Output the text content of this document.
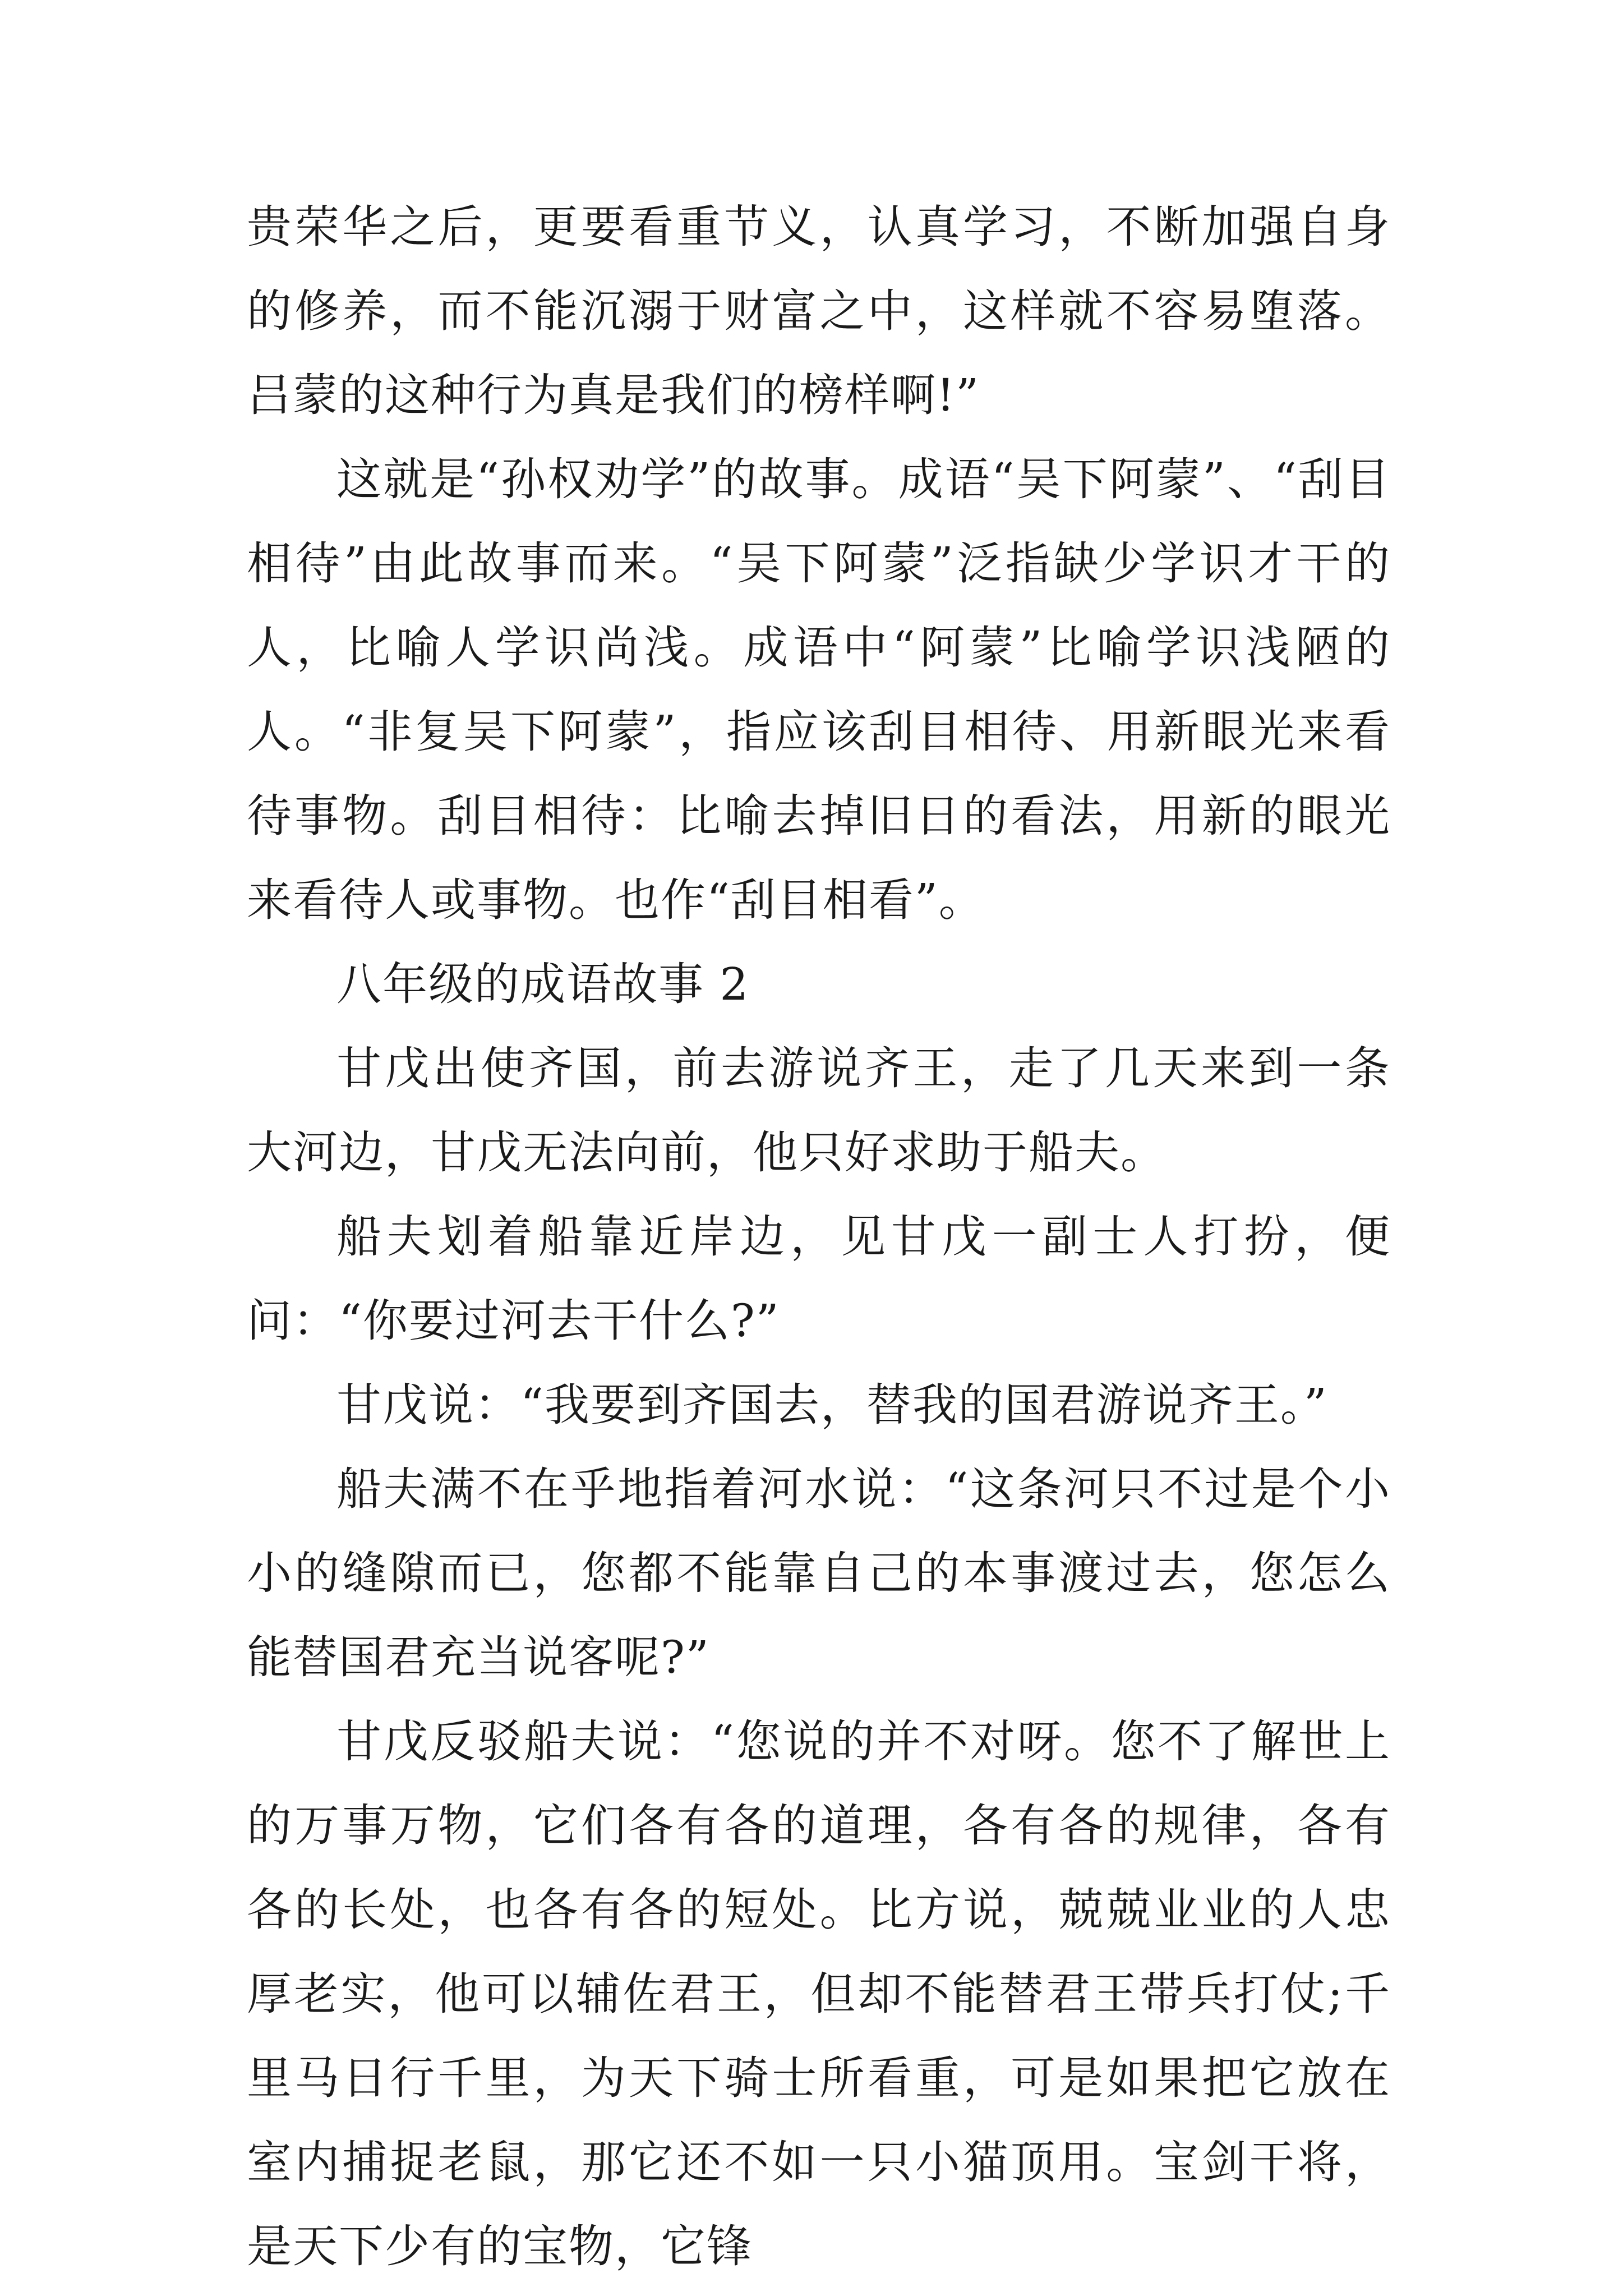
贵荣华之后，更要看重节义，认真学习，不断加强自身的修养，而不能沉溺于财富之中，这样就不容易堕落。吕蒙的这种行为真是我们的榜样啊!”

这就是“孙权劝学”的故事。成语“吴下阿蒙”、“刮目相待”由此故事而来。“吴下阿蒙”泛指缺少学识才干的人，比喻人学识尚浅。成语中“阿蒙”比喻学识浅陋的人。“非复吴下阿蒙”，指应该刮目相待、用新眼光来看待事物。刮目相待：比喻去掉旧日的看法，用新的眼光来看待人或事物。也作“刮目相看”。

八年级的成语故事 2

甘戊出使齐国，前去游说齐王，走了几天来到一条大河边，甘戊无法向前，他只好求助于船夫。

船夫划着船靠近岸边，见甘戊一副士人打扮，便问：“你要过河去干什么?”

甘戊说：“我要到齐国去，替我的国君游说齐王。”

船夫满不在乎地指着河水说：“这条河只不过是个小小的缝隙而已，您都不能靠自己的本事渡过去，您怎么能替国君充当说客呢?”

甘戊反驳船夫说：“您说的并不对呀。您不了解世上的万事万物，它们各有各的道理，各有各的规律，各有各的长处，也各有各的短处。比方说，兢兢业业的人忠厚老实，他可以辅佐君王，但却不能替君王带兵打仗;千里马日行千里，为天下骑士所看重，可是如果把它放在室内捕捉老鼠，那它还不如一只小猫顶用。宝剑干将，是天下少有的宝物，它锋
